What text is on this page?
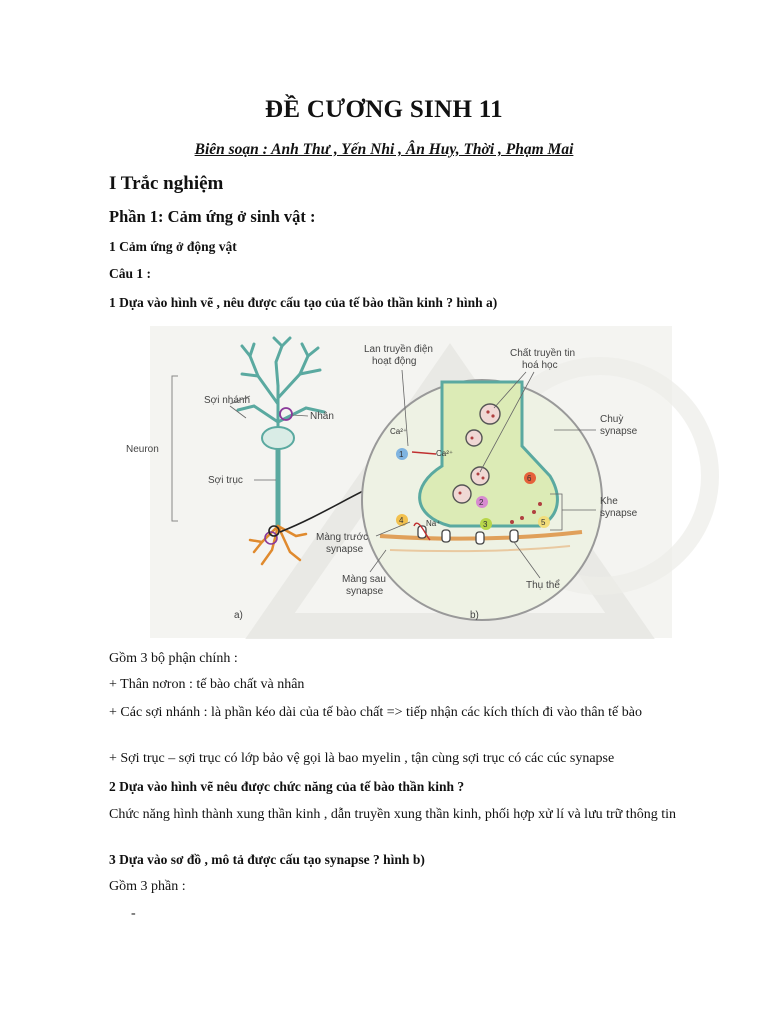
ĐỀ CƯƠNG SINH 11
Biên soạn : Anh Thư , Yến Nhi , Ân Huy, Thời , Phạm Mai
I Trắc nghiệm
Phần 1: Cảm ứng ở sinh vật :
1 Cảm ứng ở động vật
Câu 1 :
1 Dựa vào hình vẽ , nêu được cấu tạo của tế bào thần kinh ? hình a)
Neuron
Sợi nhánh
Nhân
Sợi trục
a)
1
2
3
4	5
6
Ca²⁺
Ca²⁺
Na⁺
Lan truyền điện hoạt động
Chất truyền tin hoá học
Chuỳ synapse
Khe synapse
Màng trước synapse
Màng sau synapse
Thụ thể
b)
Gồm 3 bộ phận chính :
+ Thân nơron : tế bào chất và nhân
+ Các sợi nhánh : là phần kéo dài của tế bào chất => tiếp nhận các kích thích đi vào thân tế bào
+ Sợi trục – sợi trục có lớp bảo vệ gọi là bao myelin , tận cùng sợi trục có các cúc synapse
2 Dựa vào hình vẽ nêu được chức năng của tế bào thần kinh ?
Chức năng hình thành xung thần kinh , dẫn truyền xung thần kinh, phối hợp xử lí và lưu trữ thông tin
3 Dựa vào sơ đồ , mô tả được cấu tạo synapse ? hình b)
Gồm 3 phần :
-
